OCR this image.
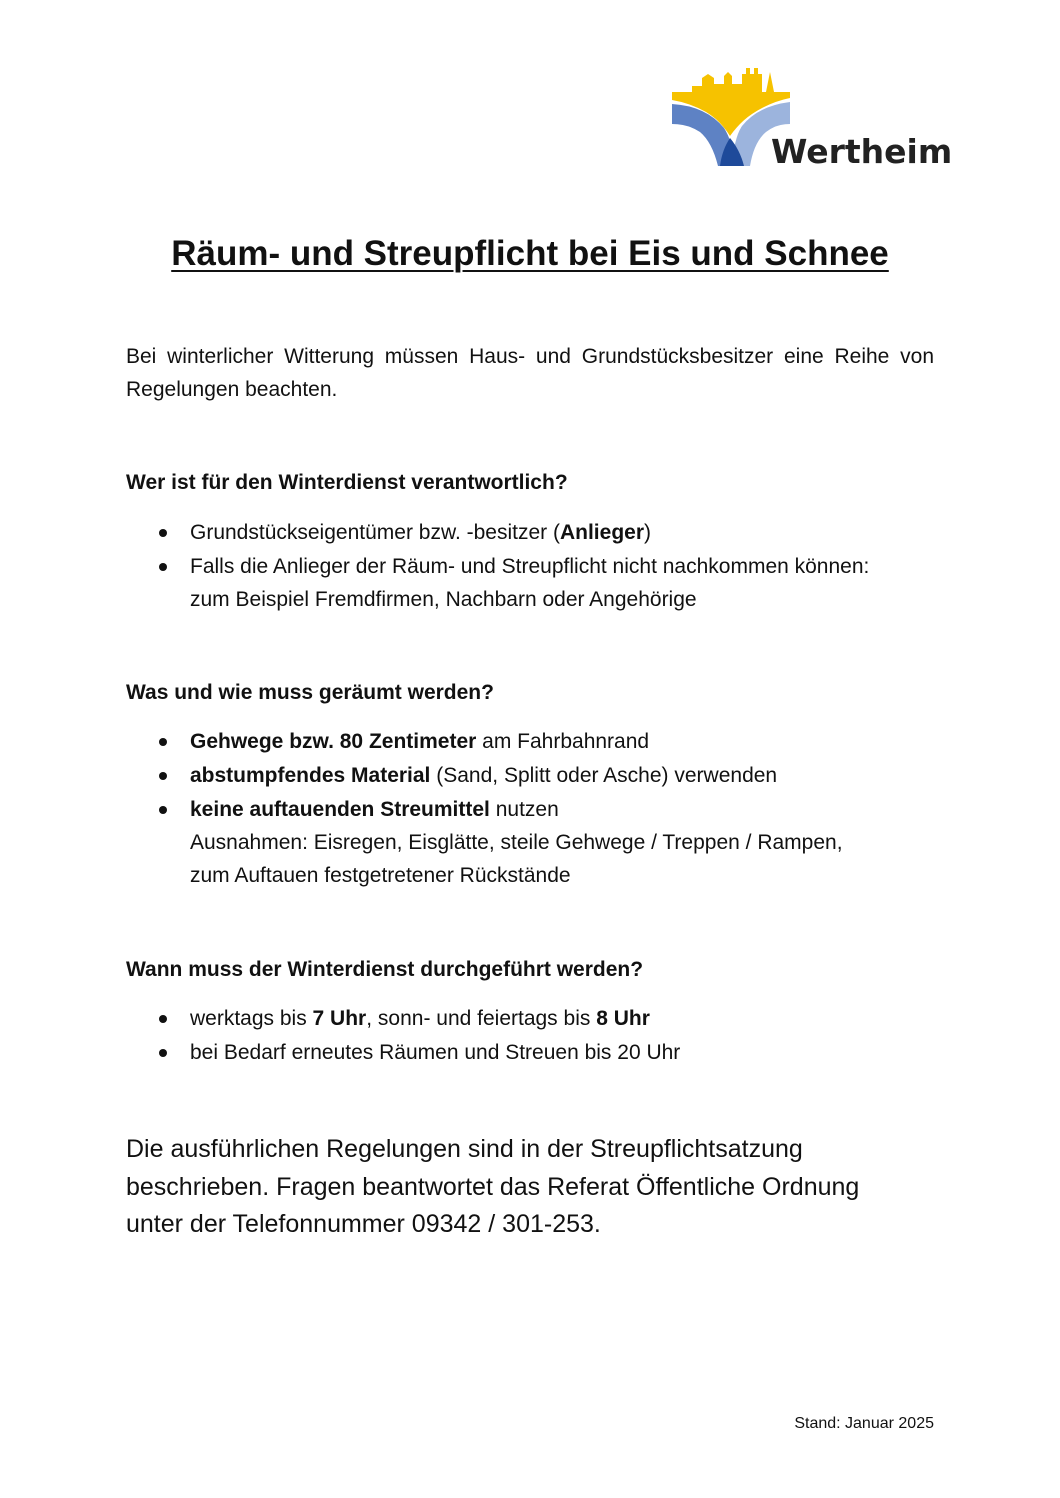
Wertheim
Räum- und Streupflicht bei Eis und Schnee

Bei winterlicher Witterung müssen Haus- und Grundstücksbesitzer eine Reihe von Regelungen beachten.

Wer ist für den Winterdienst verantwortlich?

Grundstückseigentümer bzw. -besitzer (Anlieger)
Falls die Anlieger der Räum- und Streupflicht nicht nachkommen können:
zum Beispiel Fremdfirmen, Nachbarn oder Angehörige

Was und wie muss geräumt werden?

Gehwege bzw. 80 Zentimeter am Fahrbahnrand
abstumpfendes Material (Sand, Splitt oder Asche) verwenden
keine auftauenden Streumittel nutzen
Ausnahmen: Eisregen, Eisglätte, steile Gehwege / Treppen / Rampen,
zum Auftauen festgetretener Rückstände

Wann muss der Winterdienst durchgeführt werden?

werktags bis 7 Uhr, sonn- und feiertags bis 8 Uhr
bei Bedarf erneutes Räumen und Streuen bis 20 Uhr

Die ausführlichen Regelungen sind in der Streupflichtsatzung
beschrieben. Fragen beantwortet das Referat Öffentliche Ordnung
unter der Telefonnummer 09342 / 301-253.

Stand: Januar 2025
